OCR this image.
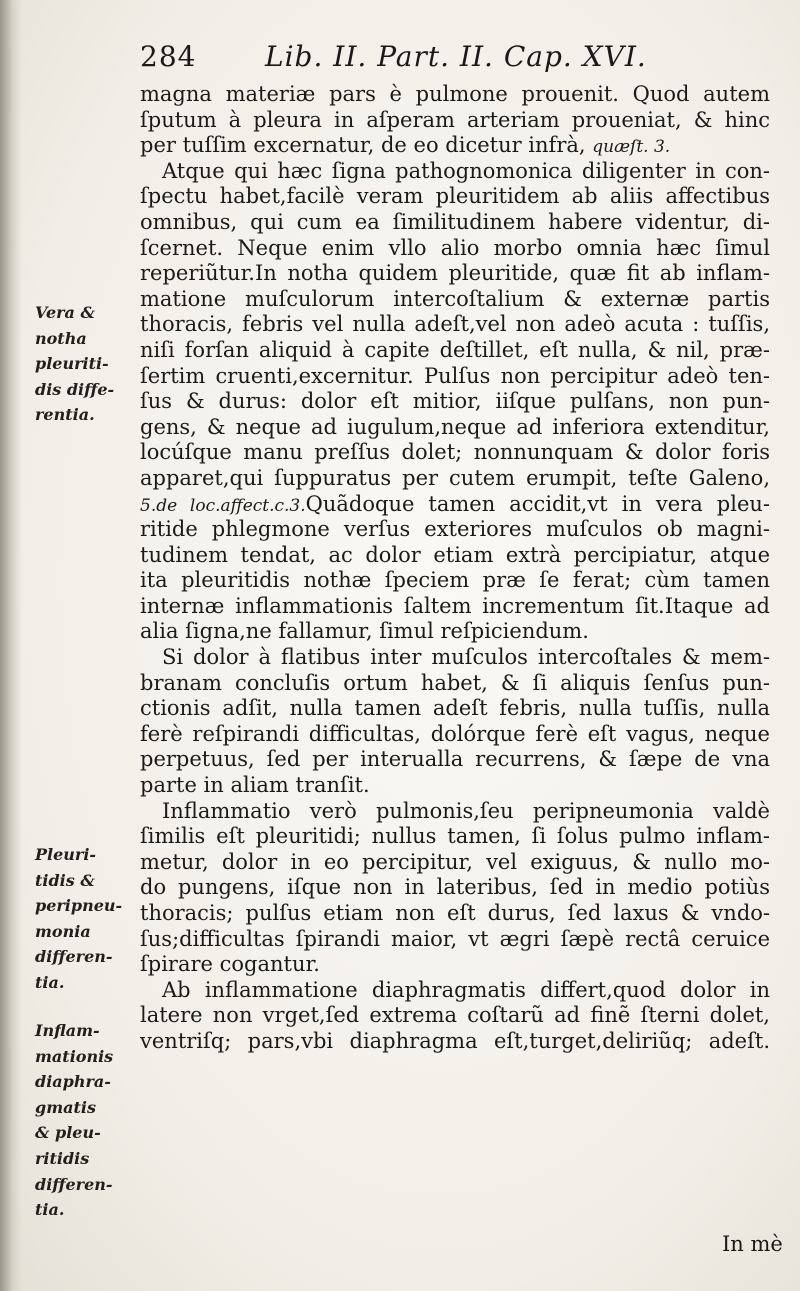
284 Lib. II. Part. II. Cap. XVI.
magna materiæ pars è pulmone prouenit. Quod autem
ſputum à pleura in aſperam arteriam proueniat, & hinc
per tuſſim excernatur, de eo dicetur infrà, quæſt. 3.
Atque qui hæc ſigna pathognomonica diligenter in con-
ſpectu habet,facilè veram pleuritidem ab aliis affectibus
omnibus, qui cum ea ſimilitudinem habere videntur, di-
ſcernet. Neque enim vllo alio morbo omnia hæc ſimul
reperiũtur.In notha quidem pleuritide, quæ fit ab inflam-
matione muſculorum intercoſtalium & externæ partis
thoracis, febris vel nulla adeſt,vel non adeò acuta : tuſſis,
niſi forſan aliquid à capite deſtillet, eſt nulla, & nil, præ-
ſertim cruenti,excernitur. Pulſus non percipitur adeò ten-
ſus & durus: dolor eſt mitior, iiſque pulſans, non pun-
gens, & neque ad iugulum,neque ad inferiora extenditur,
locúſque manu preſſus dolet; nonnunquam & dolor foris
apparet,qui ſuppuratus per cutem erumpit, teſte Galeno,
5.de loc.affect.c.3.Quãdoque tamen accidit,vt in vera pleu-
ritide phlegmone verſus exteriores muſculos ob magni-
tudinem tendat, ac dolor etiam extrà percipiatur, atque
ita pleuritidis nothæ ſpeciem præ ſe ferat; cùm tamen
internæ inflammationis ſaltem incrementum ſit.Itaque ad
alia ſigna,ne fallamur, ſimul reſpiciendum.
Si dolor à flatibus inter muſculos intercoſtales & mem-
branam concluſis ortum habet, & ſi aliquis ſenſus pun-
ctionis adſit, nulla tamen adeſt febris, nulla tuſſis, nulla
ferè reſpirandi difficultas, dolórque ferè eſt vagus, neque
perpetuus, ſed per interualla recurrens, & ſæpe de vna
parte in aliam tranſit.
Inflammatio verò pulmonis,ſeu peripneumonia valdè
ſimilis eſt pleuritidi; nullus tamen, ſi ſolus pulmo inflam-
metur, dolor in eo percipitur, vel exiguus, & nullo mo-
do pungens, iſque non in lateribus, ſed in medio potiùs
thoracis; pulſus etiam non eſt durus, ſed laxus & vndo-
ſus;difficultas ſpirandi maior, vt ægri ſæpè rectâ ceruice
ſpirare cogantur.
Ab inflammatione diaphragmatis differt,quod dolor in
latere non vrget,ſed extrema coſtarũ ad finẽ ſterni dolet,
ventriſq; pars,vbi diaphragma eſt,turget,deliriũq; adeſt.
Vera &
notha
pleuriti-
dis diffe-
rentia.
Pleuri-
tidis &
peripneu-
monia
differen-
tia.
Inflam-
mationis
diaphra-
gmatis
& pleu-
ritidis
differen-
tia.
In mè
